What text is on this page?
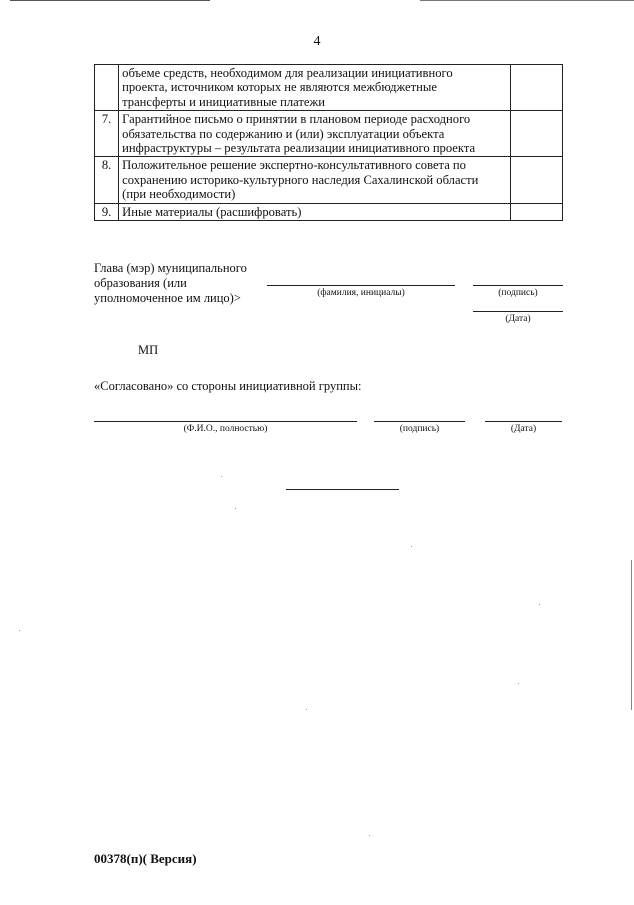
4

	объеме средств, необходимом для реализации инициативного
проекта, источником которых не являются межбюджетные
трансферты и инициативные платежи	

7.	Гарантийное письмо о принятии в плановом периоде расходного
обязательства по содержанию и (или) эксплуатации объекта
инфраструктуры – результата реализации инициативного проекта	

8.	Положительное решение экспертно-консультативного совета по
сохранению историко-культурного наследия Сахалинской области
(при необходимости)	

9.	Иные материалы (расшифровать)	

Глава (мэр) муниципального
образования (или
уполномоченное им лицо)>	(фамилия, инициалы)	(подпись)
(Дата)
МП
«Согласовано» со стороны инициативной группы:
(Ф.И.О., полностью)	(подпись)	(Дата)
00378(п)( Версия)
